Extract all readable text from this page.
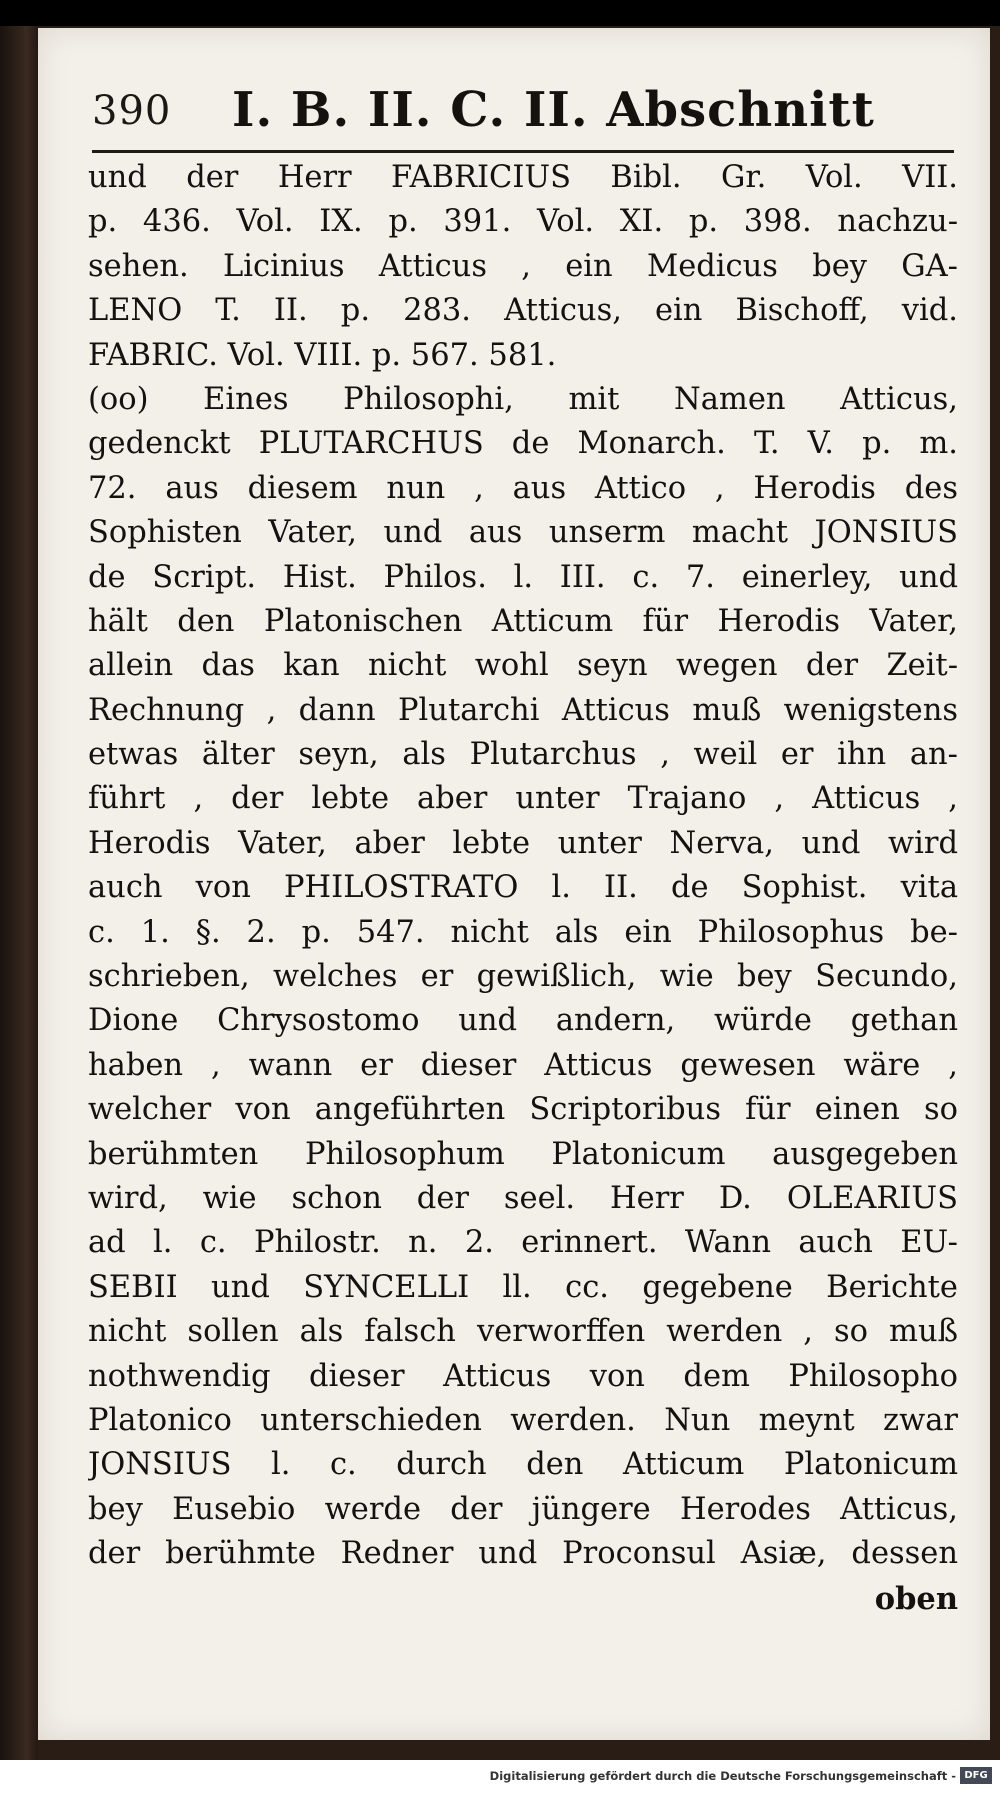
390 I. B. II. C. II. Abschnitt
und der Herr FABRICIUS Bibl. Gr. Vol. VII.
p. 436. Vol. IX. p. 391. Vol. XI. p. 398. nachzu-
sehen. Licinius Atticus , ein Medicus bey GA-
LENO T. II. p. 283. Atticus, ein Bischoff, vid.
FABRIC. Vol. VIII. p. 567. 581.
(oo) Eines Philosophi, mit Namen Atticus,
gedenckt PLUTARCHUS de Monarch. T. V. p. m.
72. aus diesem nun , aus Attico , Herodis des
Sophisten Vater, und aus unserm macht JONSIUS
de Script. Hist. Philos. l. III. c. 7. einerley, und
hält den Platonischen Atticum für Herodis Vater,
allein das kan nicht wohl seyn wegen der Zeit-
Rechnung , dann Plutarchi Atticus muß wenigstens
etwas älter seyn, als Plutarchus , weil er ihn an-
führt , der lebte aber unter Trajano , Atticus ,
Herodis Vater, aber lebte unter Nerva, und wird
auch von PHILOSTRATO l. II. de Sophist. vita
c. 1. §. 2. p. 547. nicht als ein Philosophus be-
schrieben, welches er gewißlich, wie bey Secundo,
Dione Chrysostomo und andern, würde gethan
haben , wann er dieser Atticus gewesen wäre ,
welcher von angeführten Scriptoribus für einen so
berühmten Philosophum Platonicum ausgegeben
wird, wie schon der seel. Herr D. OLEARIUS
ad l. c. Philostr. n. 2. erinnert. Wann auch EU-
SEBII und SYNCELLI ll. cc. gegebene Berichte
nicht sollen als falsch verworffen werden , so muß
nothwendig dieser Atticus von dem Philosopho
Platonico unterschieden werden. Nun meynt zwar
JONSIUS l. c. durch den Atticum Platonicum
bey Eusebio werde der jüngere Herodes Atticus,
der berühmte Redner und Proconsul Asiæ, dessen
oben
Digitalisierung gefördert durch die Deutsche Forschungsgemeinschaft - DFG
